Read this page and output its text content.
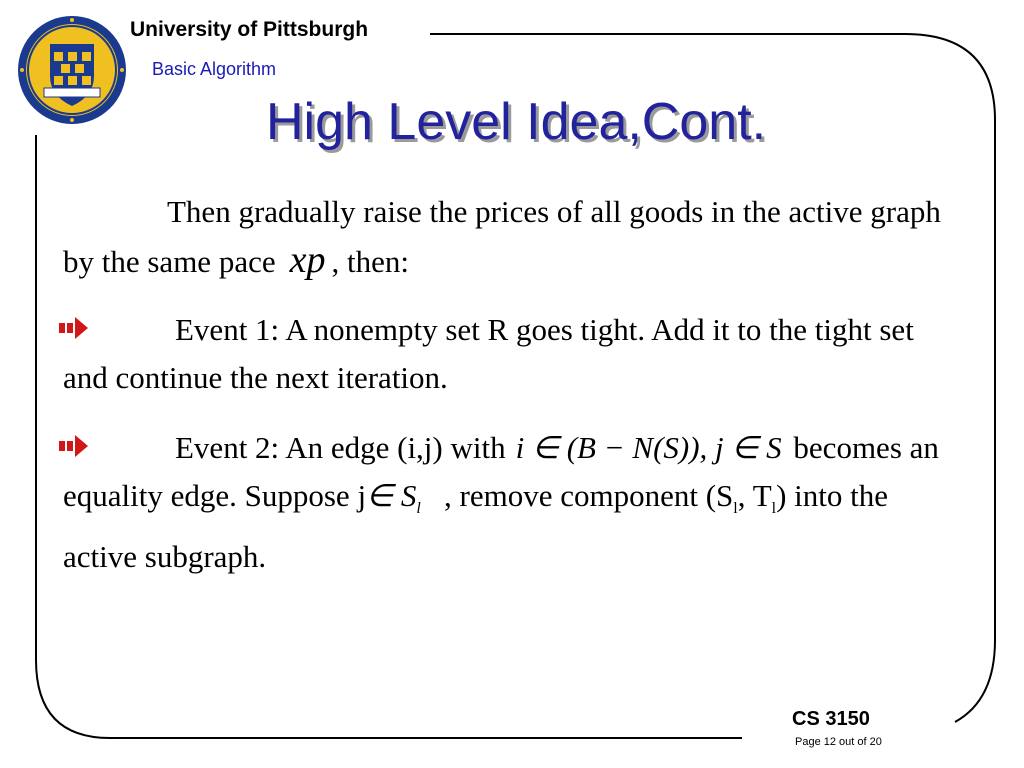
University of Pittsburgh
Basic Algorithm
High Level Idea,Cont.
Then gradually raise the prices of all goods in the active graph by the same pace xp , then:
Event 1: A nonempty set R goes tight. Add it to the tight set and continue the next iteration.
Event 2: An edge (i,j) with i ∈ (B − N(S)), j ∈ S becomes an equality edge. Suppose j∈ $S_l$ , remove component ($S_l$, $T_l$) into the active subgraph.
CS 3150
Page 12 out of 20
